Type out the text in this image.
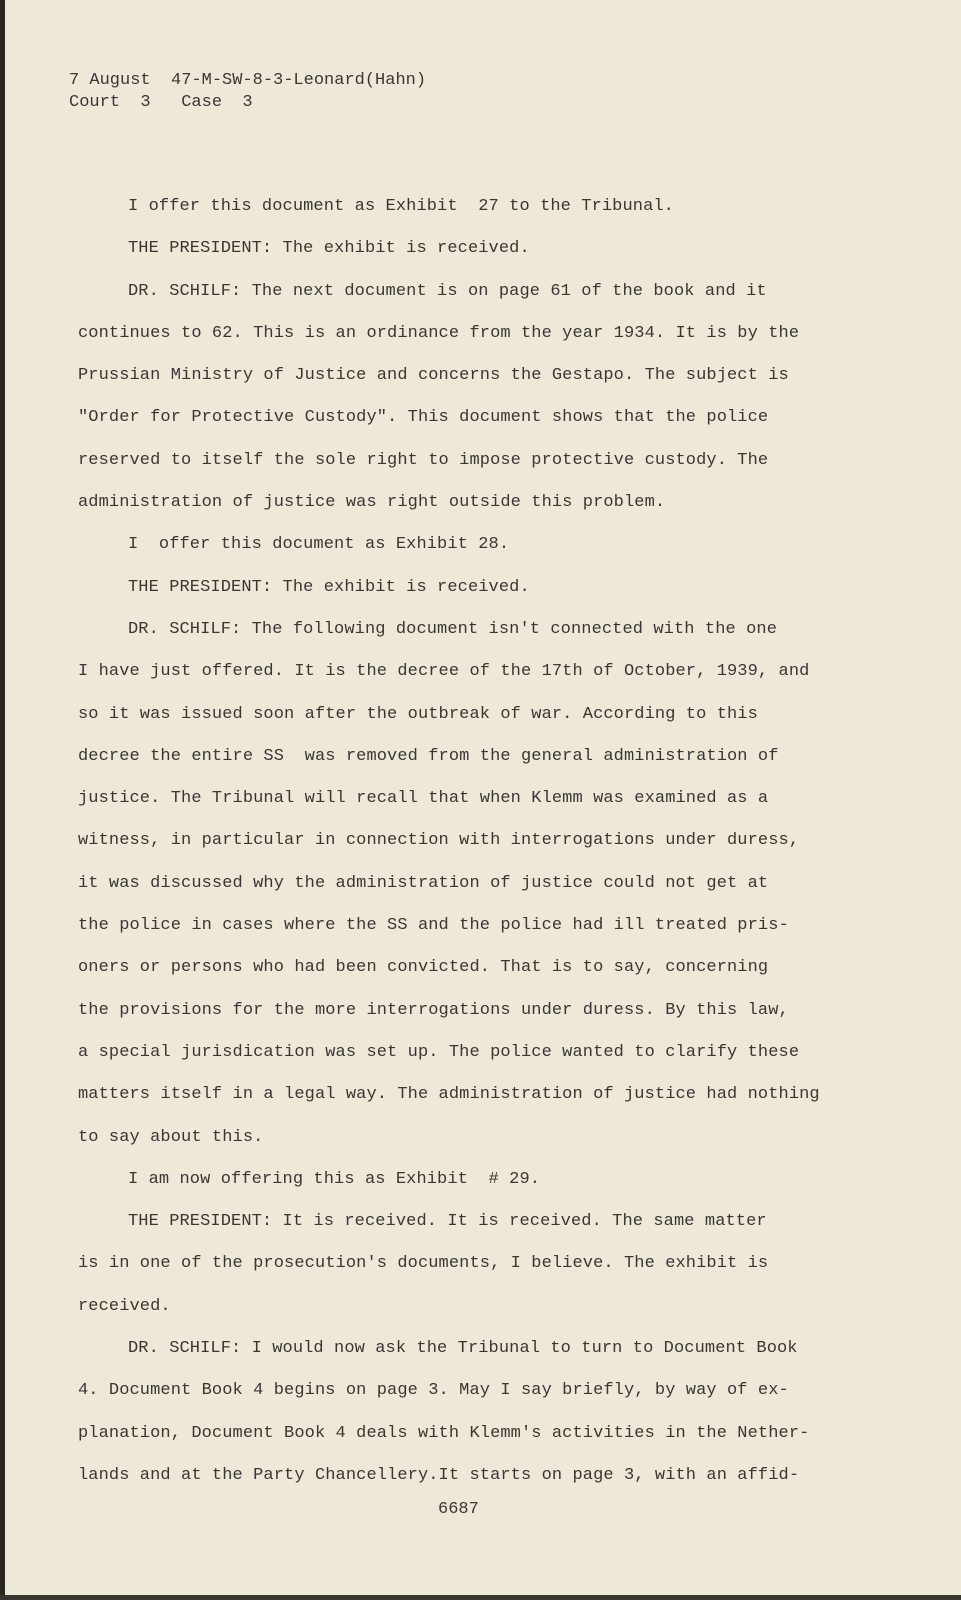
7 August  47-M-SW-8-3-Leonard(Hahn)
Court  3   Case  3
I offer this document as Exhibit  27 to the Tribunal.
THE PRESIDENT: The exhibit is received.
DR. SCHILF: The next document is on page 61 of the book and it
continues to 62. This is an ordinance from the year 1934. It is by the
Prussian Ministry of Justice and concerns the Gestapo. The subject is
"Order for Protective Custody". This document shows that the police
reserved to itself the sole right to impose protective custody. The
administration of justice was right outside this problem.
I  offer this document as Exhibit 28.
THE PRESIDENT: The exhibit is received.
DR. SCHILF: The following document isn't connected with the one
I have just offered. It is the decree of the 17th of October, 1939, and
so it was issued soon after the outbreak of war. According to this
decree the entire SS  was removed from the general administration of
justice. The Tribunal will recall that when Klemm was examined as a
witness, in particular in connection with interrogations under duress,
it was discussed why the administration of justice could not get at
the police in cases where the SS and the police had ill treated pris-
oners or persons who had been convicted. That is to say, concerning
the provisions for the more interrogations under duress. By this law,
a special jurisdication was set up. The police wanted to clarify these
matters itself in a legal way. The administration of justice had nothing
to say about this.
I am now offering this as Exhibit  # 29.
THE PRESIDENT: It is received. It is received. The same matter
is in one of the prosecution's documents, I believe. The exhibit is
received.
DR. SCHILF: I would now ask the Tribunal to turn to Document Book
4. Document Book 4 begins on page 3. May I say briefly, by way of ex-
planation, Document Book 4 deals with Klemm's activities in the Nether-
lands and at the Party Chancellery.It starts on page 3, with an affid-
6687
